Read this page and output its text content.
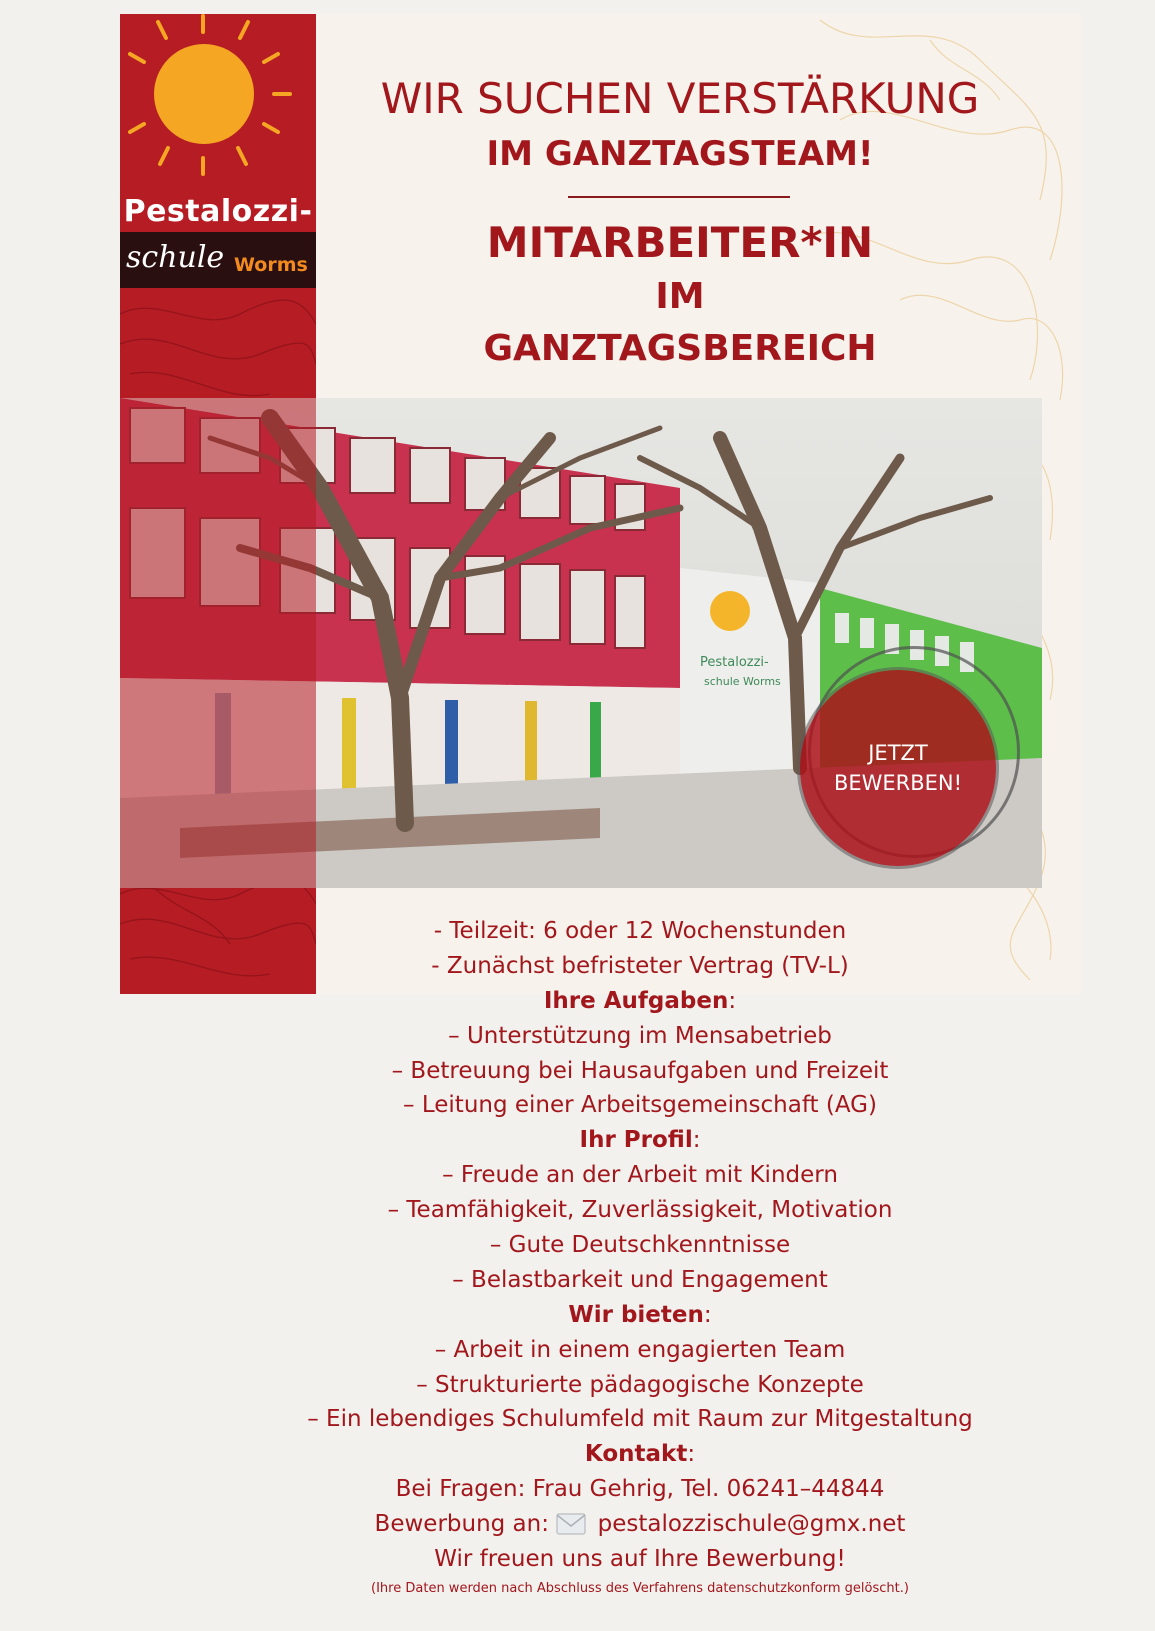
Pestalozzi-
schule Worms
WIR SUCHEN VERSTÄRKUNG
IM GANZTAGSTEAM!
MITARBEITER*IN
IM
GANZTAGSBEREICH
Pestalozzi-
schule Worms
JETZT
BEWERBEN!
- Teilzeit: 6 oder 12 Wochenstunden
- Zunächst befristeter Vertrag (TV-L)
Ihre Aufgaben:
– Unterstützung im Mensabetrieb
– Betreuung bei Hausaufgaben und Freizeit
– Leitung einer Arbeitsgemeinschaft (AG)
Ihr Profil:
– Freude an der Arbeit mit Kindern
– Teamfähigkeit, Zuverlässigkeit, Motivation
– Gute Deutschkenntnisse
– Belastbarkeit und Engagement
Wir bieten:
– Arbeit in einem engagierten Team
– Strukturierte pädagogische Konzepte
– Ein lebendiges Schulumfeld mit Raum zur Mitgestaltung
Kontakt:
Bei Fragen: Frau Gehrig, Tel. 06241–44844
Bewerbung an: pestalozzischule@gmx.net
Wir freuen uns auf Ihre Bewerbung!
(Ihre Daten werden nach Abschluss des Verfahrens datenschutzkonform gelöscht.)
